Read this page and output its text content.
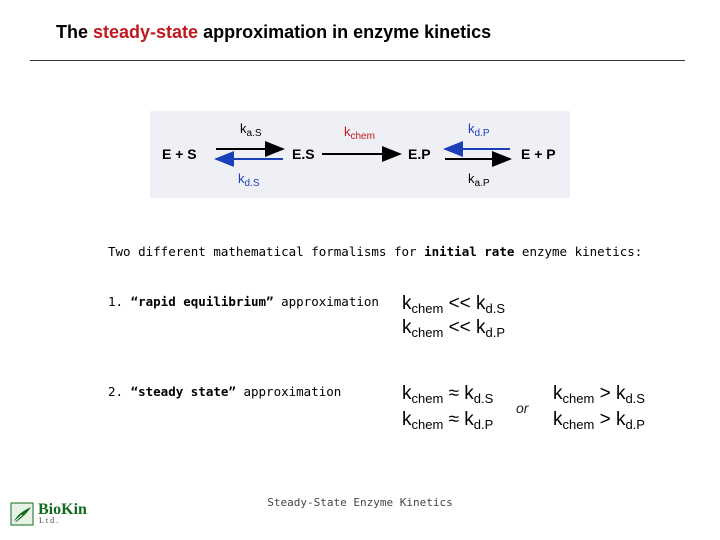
The steady-state approximation in enzyme kinetics
E + S	E.S	E.P	E + P
$k_{a.S}$
$k_{d.S}$
$k_{chem}$
$k_{d.P}$
$k_{a.P}$
Two different mathematical formalisms for initial rate enzyme kinetics:
1. “rapid equilibrium” approximation
2. “steady state” approximation
$k_{chem} << k_{d.S}$
$k_{chem} << k_{d.P}$
$k_{chem} \approx k_{d.S}$
$k_{chem} \approx k_{d.P}$
or
$k_{chem} > k_{d.S}$
$k_{chem} > k_{d.P}$
Steady-State Enzyme Kinetics
BioKin
Ltd.
